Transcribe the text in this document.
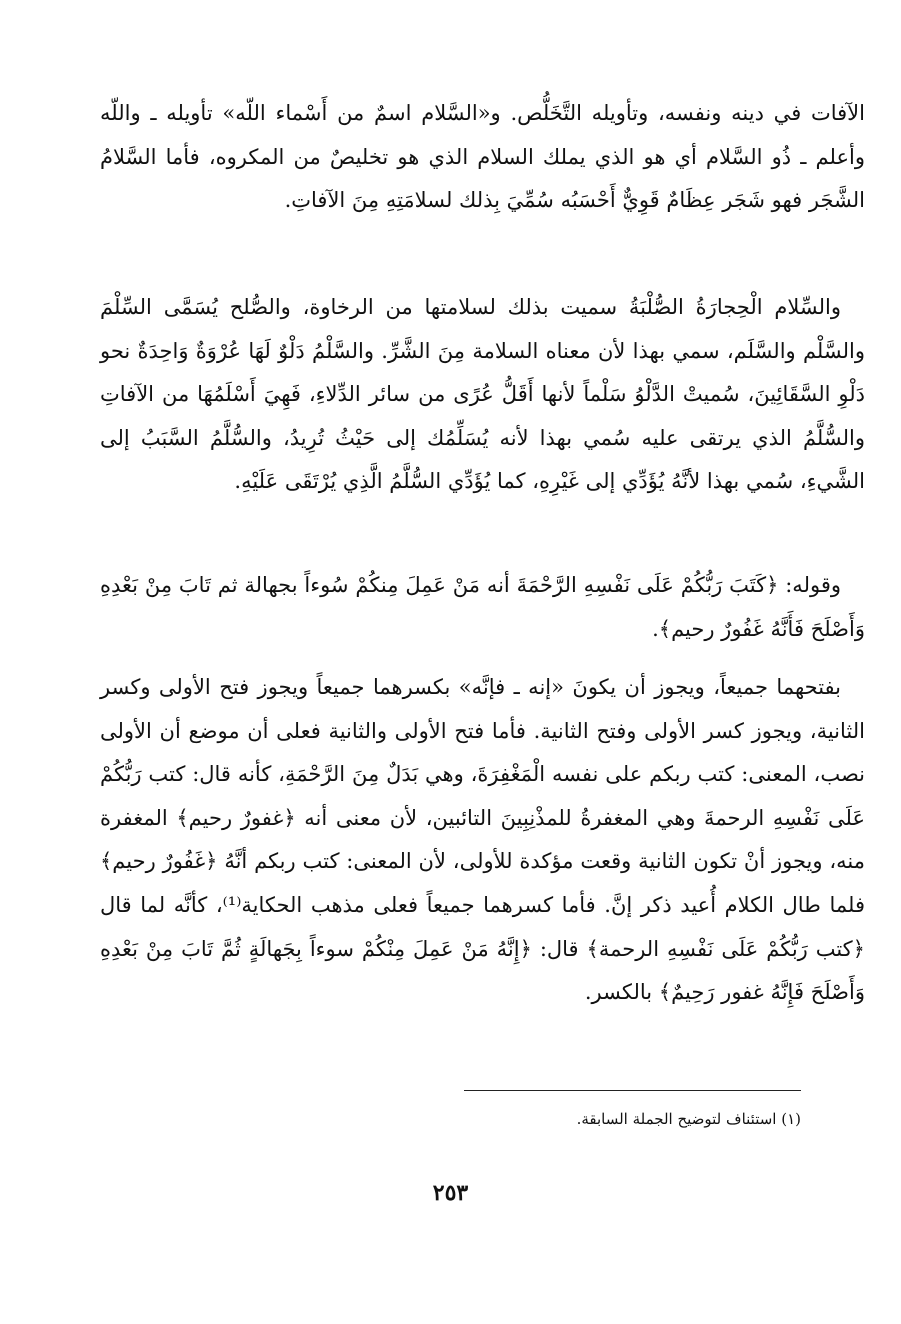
الآفات في دينه ونفسه، وتأويله التَّخَلُّص. و«السَّلام اسمٌ من أَسْماء اللّه» تأويله ـ واللّه وأعلم ـ ذُو السَّلام أي هو الذي يملك السلام الذي هو تخليصٌ من المكروه، فأما السَّلامُ الشَّجَر فهو شَجَر عِظَامٌ قَوِيٌّ أَحْسَبُه سُمِّيَ بِذلك لسلامَتِهِ مِنَ الآفاتِ.

والسِّلام الْحِجارَةُ الصُّلْبَةُ سميت بذلك لسلامتها من الرخاوة، والصُّلح يُسَمَّى السِّلْمَ والسَّلْم والسَّلَم، سمي بهذا لأن معناه السلامة مِنَ الشَّرِّ. والسَّلْمُ دَلْوٌ لَهَا عُرْوَةٌ وَاحِدَةٌ نحو دَلْوِ السَّقَائِينَ، سُميتْ الدَّلْوُ سَلْماً لأنها أَقَلُّ عُرًى من سائر الدِّلاءِ، فَهِيَ أَسْلَمُهَا من الآفاتِ والسُّلَّمُ الذي يرتقى عليه سُمي بهذا لأنه يُسَلِّمُك إلى حَيْثُ تُرِيدُ، والسُّلَّمُ السَّبَبُ إلى الشَّيءِ، سُمي بهذا لأنَّهُ يُؤَدِّي إلى غَيْرِهِ، كما يُؤَدِّي السُّلَّمُ الَّذِي يُرْتَقَى عَلَيْهِ.

وقوله: ﴿كَتَبَ رَبُّكُمْ عَلَى نَفْسِهِ الرَّحْمَةَ أنه مَنْ عَمِلَ مِنكُمْ سُوءاً بجهالة ثم تَابَ مِنْ بَعْدِهِ وَأَصْلَحَ فَأَنَّهُ غَفُورٌ رحيم﴾.

بفتحهما جميعاً، ويجوز أن يكونَ «إنه ـ فإنَّه» بكسرهما جميعاً ويجوز فتح الأولى وكسر الثانية، ويجوز كسر الأولى وفتح الثانية. فأما فتح الأولى والثانية فعلى أن موضع أن الأولى نصب، المعنى: كتب ربكم على نفسه الْمَغْفِرَةَ، وهي بَدَلٌ مِنَ الرَّحْمَةِ، كأنه قال: كتب رَبُّكُمْ عَلَى نَفْسِهِ الرحمةَ وهي المغفرةُ للمذْنِبِينَ التائبين، لأن معنى أنه ﴿غفورٌ رحيم﴾ المغفرة منه، ويجوز أنْ تكون الثانية وقعت مؤكدة للأولى، لأن المعنى: كتب ربكم أنَّهُ ﴿غَفُورٌ رحيم﴾ فلما طال الكلام أُعيد ذكر إنَّ. فأما كسرهما جميعاً فعلى مذهب الحكاية⁽¹⁾، كأنَّه لما قال ﴿كتب رَبُّكُمْ عَلَى نَفْسِهِ الرحمة﴾ قال: ﴿إِنَّهُ مَنْ عَمِلَ مِنْكُمْ سوءاً بِجَهالَةٍ ثُمَّ تَابَ مِنْ بَعْدِهِ وَأَصْلَحَ فَإِنَّهُ غفور رَحِيمٌ﴾ بالكسر.

(١) استئناف لتوضيح الجملة السابقة.
٢٥٣
